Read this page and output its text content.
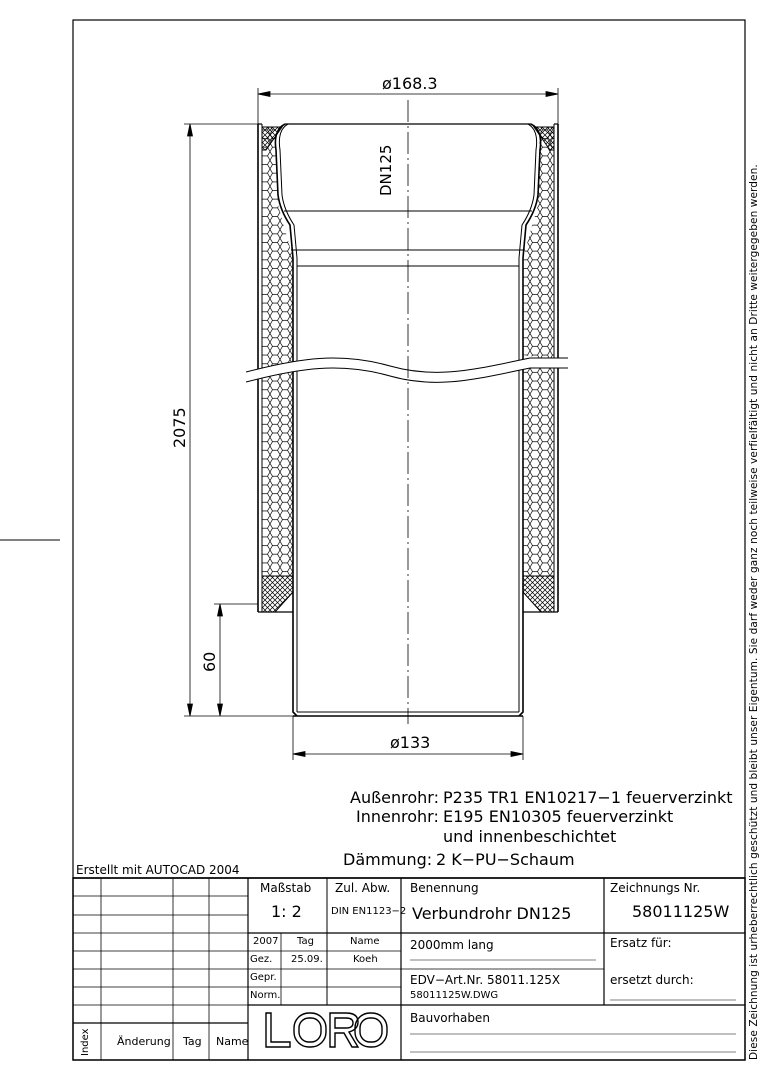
ø168.3
ø133
DN125
2075
60
Außenrohr: P235 TR1 EN10217−1 feuerverzinkt
Innenrohr: E195 EN10305 feuerverzinkt
und innenbeschichtet
Dämmung: 2 K−PU−Schaum
Erstellt mit AUTOCAD 2004
Maßstab
1: 2
Zul. Abw.
DIN EN1123−2
Benennung
Verbundrohr DN125
Zeichnungs Nr.
58011125W
2007 Tag	Name
Gez. 25.09.	Koeh
Gepr.
Norm.
2000mm lang	Ersatz für:
EDV−Art.Nr. 58011.125X
58011125W.DWG
ersetzt durch:
Bauvorhaben
Index Änderung Tag Name	Diese Zeichnung ist urheberrechtlich geschützt und bleibt unser Eigentum. Sie darf weder ganz noch teilweise verfielfältigt und nicht an Dritte weitergegeben werden.
